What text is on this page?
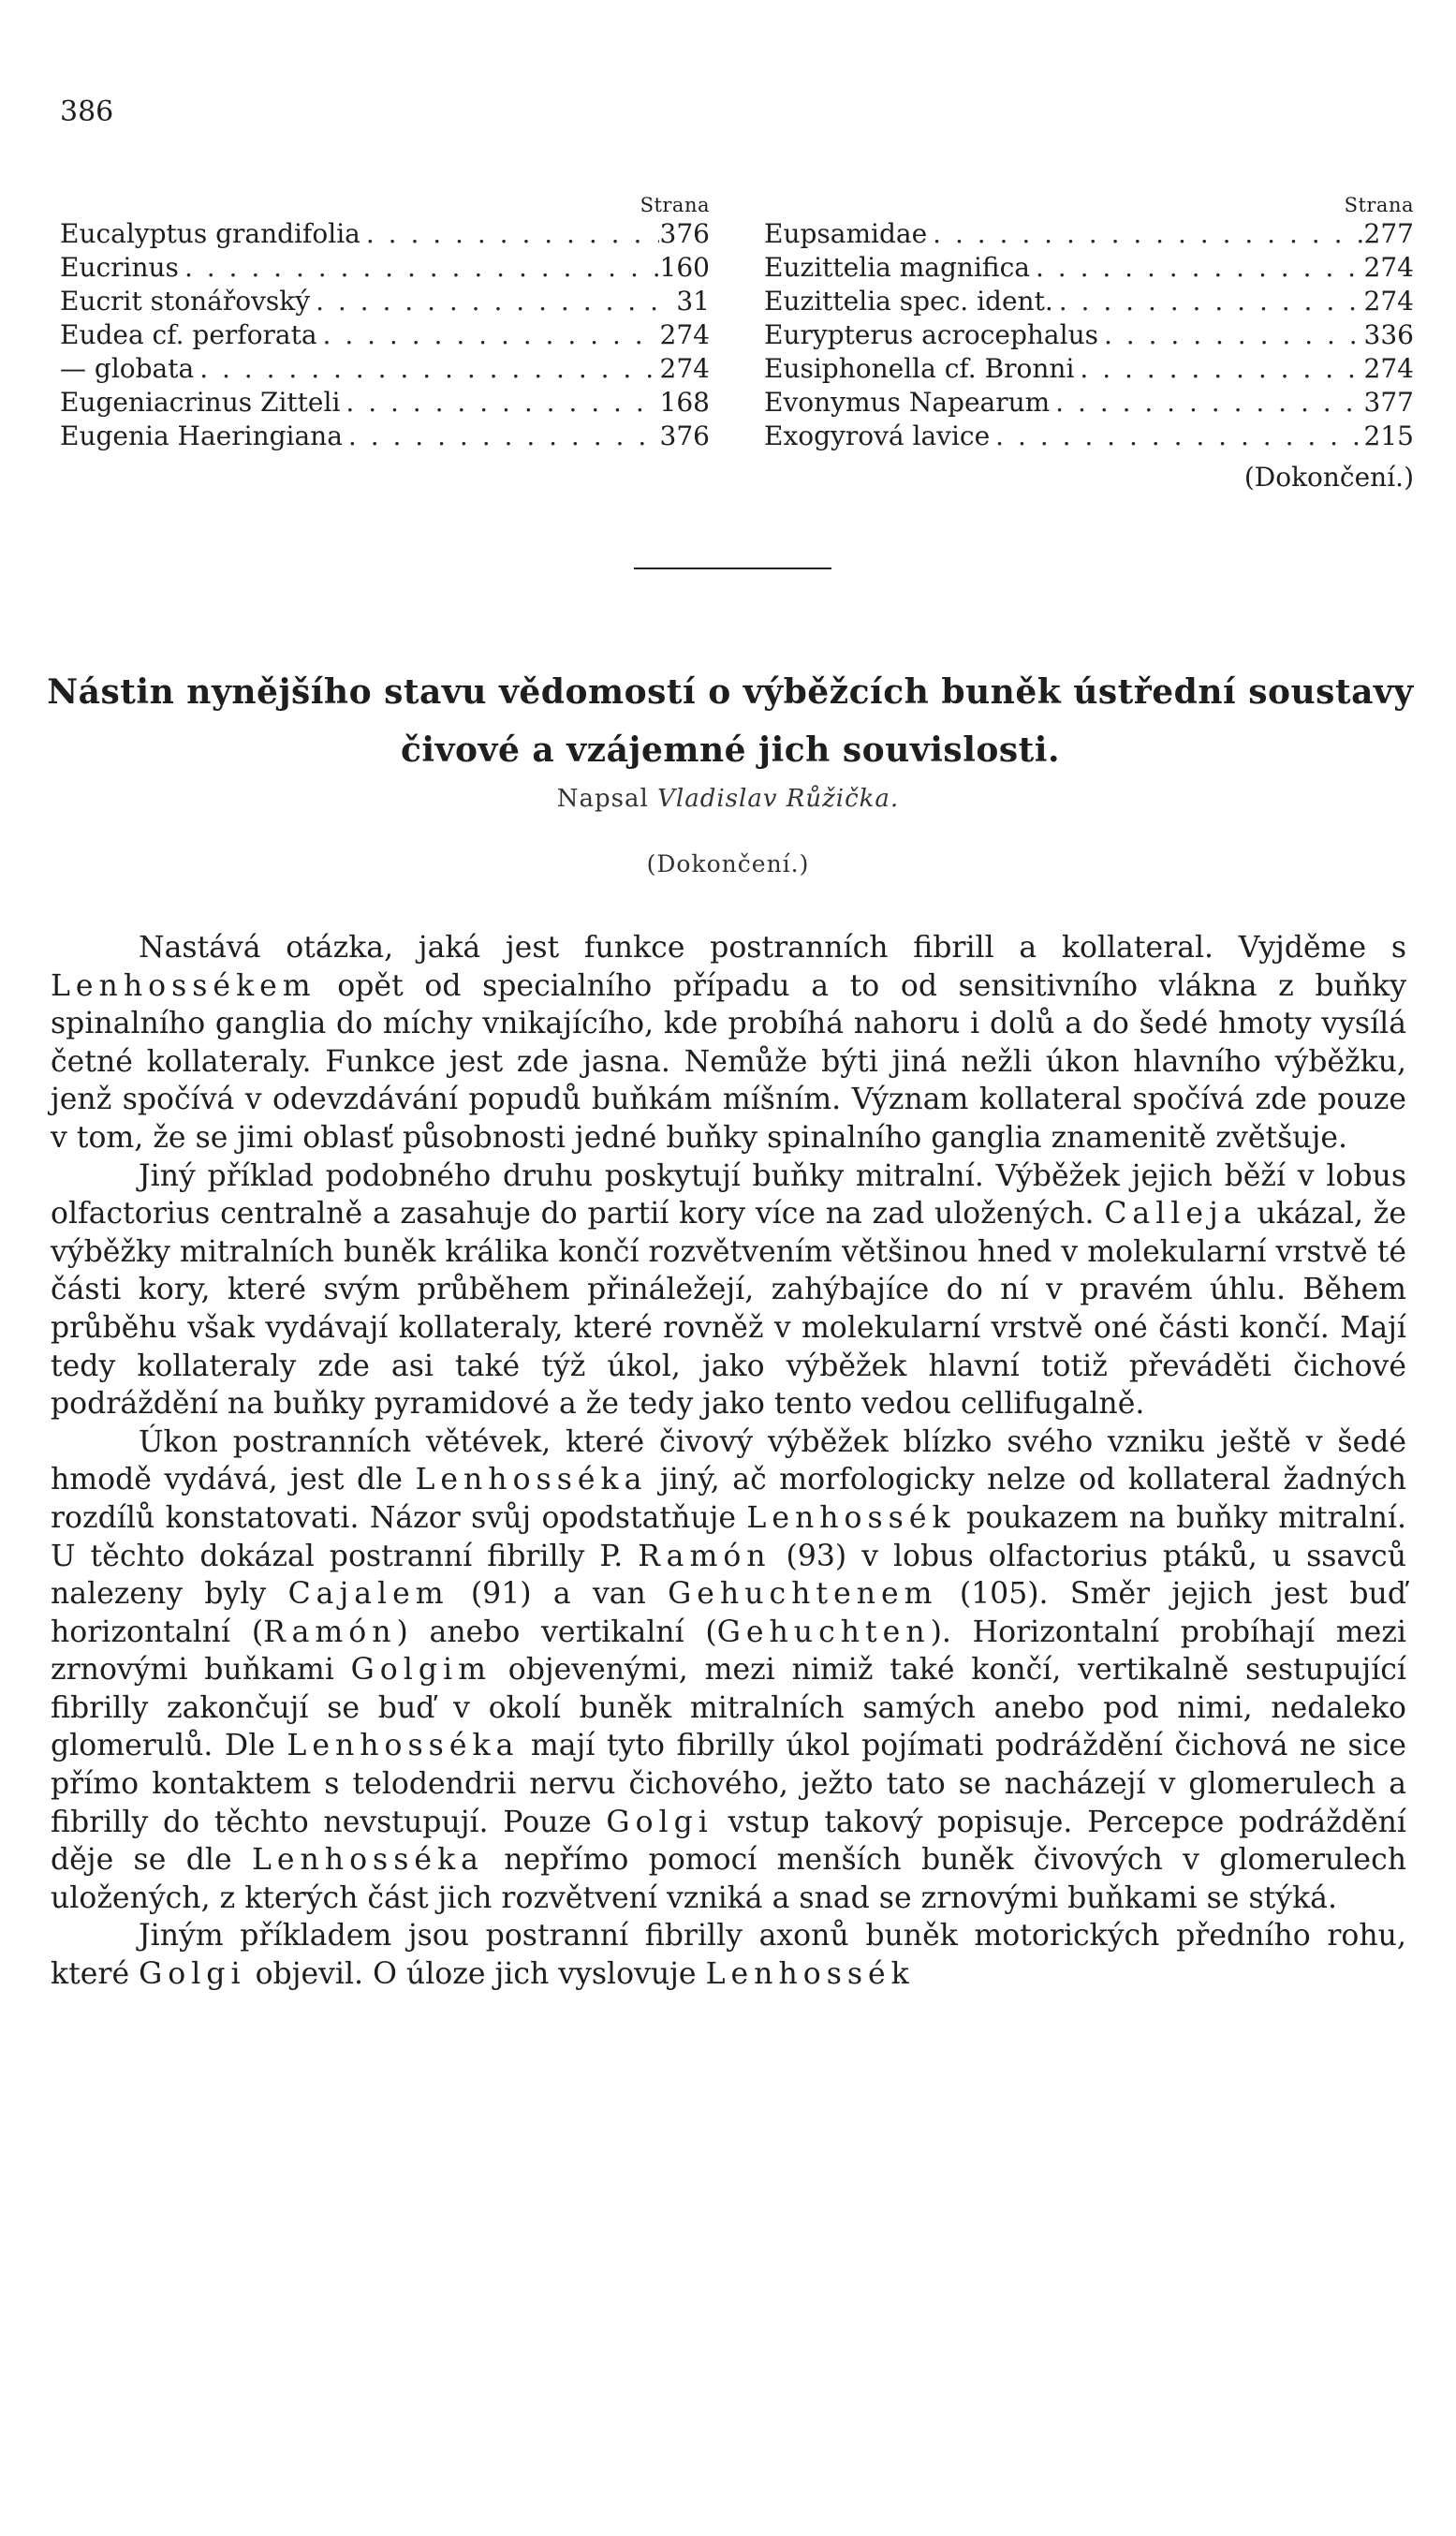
386
Strana
Eucalyptus grandifolia . . .	376
Eucrinus . . .	160
Eucrit stonářovský . . .	31
Eudea cf. perforata . . .	274
— globata . . .	274
Eugeniacrinus Zitteli . . .	168
Eugenia Haeringiana . . .	376
Strana
Eupsamidae . . .	277
Euzittelia magnifica . . .	274
Euzittelia spec. ident. . . .	274
Eurypterus acrocephalus . . .	336
Eusiphonella cf. Bronni . . .	274
Evonymus Napearum . . .	377
Exogyrová lavice . . .	215
(Dokončení.)
Nástin nynějšího stavu vědomostí o výběžcích buněk ústřední soustavy
čivové a vzájemné jich souvislosti.
Napsal Vladislav Růžička.
(Dokončení.)

Nastává otázka, jaká jest funkce postranních fibrill a kollateral. Vyjděme s Lenhossékem opět od specialního případu a to od sensitivního vlákna z buňky spinalního ganglia do míchy vnikajícího, kde probíhá nahoru i dolů a do šedé hmoty vysílá četné kollateraly. Funkce jest zde jasna. Nemůže býti jiná nežli úkon hlavního výběžku, jenž spočívá v odevzdávání popudů buňkám míšním. Význam kollateral spočívá zde pouze v tom, že se jimi oblasť působnosti jedné buňky spinalního ganglia znamenitě zvětšuje.

Jiný příklad podobného druhu poskytují buňky mitralní. Výběžek jejich běží v lobus olfactorius centralně a zasahuje do partií kory více na zad uložených. Calleja ukázal, že výběžky mitralních buněk králika končí rozvětvením většinou hned v molekularní vrstvě té části kory, které svým průběhem přináležejí, zahýbajíce do ní v pravém úhlu. Během průběhu však vydávají kollateraly, které rovněž v molekularní vrstvě oné části končí. Mají tedy kollateraly zde asi také týž úkol, jako výběžek hlavní totiž převáděti čichové podráždění na buňky pyramidové a že tedy jako tento vedou cellifugalně.

Úkon postranních větévek, které čivový výběžek blízko svého vzniku ještě v šedé hmodě vydává, jest dle Lenhosséka jiný, ač morfologicky nelze od kollateral žadných rozdílů konstatovati. Názor svůj opodstatňuje Lenhossék poukazem na buňky mitralní. U těchto dokázal postranní fibrilly P. Ramón (93) v lobus olfactorius ptáků, u ssavců nalezeny byly Cajalem (91) a van Gehuchtenem (105). Směr jejich jest buď horizontalní (Ramón) anebo vertikalní (Gehuchten). Horizontalní probíhají mezi zrnovými buňkami Golgim objevenými, mezi nimiž také končí, vertikalně sestupující fibrilly zakončují se buď v okolí buněk mitralních samých anebo pod nimi, nedaleko glomerulů. Dle Lenhosséka mají tyto fibrilly úkol pojímati podráždění čichová ne sice přímo kontaktem s telodendrii nervu čichového, ježto tato se nacházejí v glomerulech a fibrilly do těchto nevstupují. Pouze Golgi vstup takový popisuje. Percepce podráždění děje se dle Lenhosséka nepřímo pomocí menších buněk čivových v glomerulech uložených, z kterých část jich rozvětvení vzniká a snad se zrnovými buňkami se stýká.

Jiným příkladem jsou postranní fibrilly axonů buněk motorických předního rohu, které Golgi objevil. O úloze jich vyslovuje Lenhossék
